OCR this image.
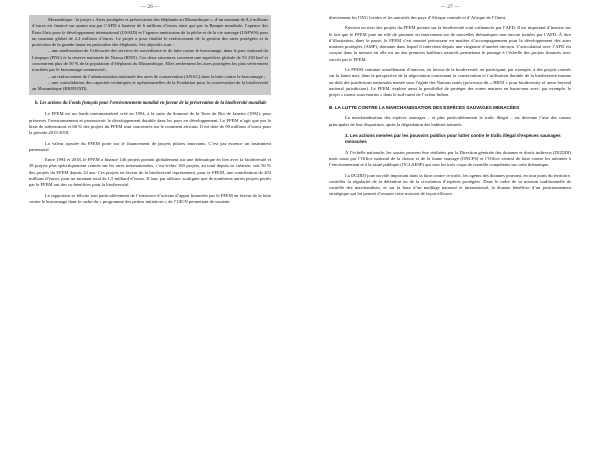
— 26 —

Mozambique : le projet « Aires protégées et préservation des éléphants au Mozambique », d’un montant de 8,2 millions d’euros est financé sur quatre ans par l’AFD à hauteur de 6 millions d’euros ainsi que par la Banque mondiale, l’agence des États-Unis pour le développement international (USAID) et l’agence américaine de la pêche et de la vie sauvage (USFWS) pour un montant global de 2,2 millions d’euros. Le projet a pour finalité le renforcement de la gestion des aires protégées et la protection de la grande faune en particulier des éléphants. Ses objectifs sont :

– une amélioration de l’efficacité des services de surveillance et de lutte contre le braconnage, dans le parc national du Limpopo (PNL) et la réserve nationale de Niassa (RNN). Ces deux structures couvrent une superficie globale de 53 230 km² et concentrent plus de 50 % de la population d’éléphants du Mozambique. Elles renferment les aires protégées les plus sévèrement touchées par le braconnage commercial ;

– un renforcement de l’administration nationale des aires de conservation (ANAC) dans la lutte contre le braconnage ;

– une consolidation des capacités techniques et opérationnelles de la Fondation pour la conservation de la biodiversité au Mozambique (BIOFUND).

b. Les actions du Fonds français pour l’environnement mondial en faveur de la préservation de la biodiversité mondiale

Le FFEM est un fonds interministériel créé en 1994, à la suite du Sommet de la Terre de Rio de Janeiro (1992), pour préserver l’environnement et promouvoir le développement durable dans les pays en développement. Le FFEM n’agit que par le biais de subventions et 68 % des projets du FFEM sont concentrés sur le continent africain. Il est doté de 90 millions d’euros pour la période 2015-2018.

La valeur ajoutée du FFEM porte sur le financement de projets pilotes innovants. C’est par essence un instrument partenarial.

Entre 1994 et 2018, le FFEM a financé 146 projets portant globalement sur une thématique en lien avec la biodiversité et 38 projets plus spécifiquement centrés sur les aires internationales, c’est-à-dire 184 projets, au total depuis sa création, soit 56 % des projets du FFEM depuis 24 ans. Ces projets en faveur de la biodiversité représentent, pour le FFEM, une contribution de 203 millions d’euros, pour un montant total de 1,5 milliard d’euros. Il faut, par ailleurs, souligner que de nombreux autres projets portés par le FFEM ont des co-bénéfices pour la biodiversité.

Le rapporteur se félicite tout particulièrement de l’existence d’actions d’appui financées par le FFEM en faveur de la lutte contre le braconnage dans le cadre du « programme des petites initiatives » de l’UICN permettant de soutenir

— 27 —

directement les ONG locales et les autorités des pays d’Afrique centrale et d’Afrique de l’Ouest.

Environ un tiers des projets du FFEM portant sur la biodiversité sont cofinancés par l’AFD. Il est important d’insister sur le fait que le FFEM joue un rôle de pionnier en intervenant sur de nouvelles thématiques non encore traitées par l’AFD. À titre d’illustration, dans le passé, le FFEM s’est montré précurseur en matière d’accompagnement pour le développement des aires marines protégées (AMP), domaine dans lequel il intervient depuis une vingtaine d’années environ. L’articulation avec l’AFD est conçue dans la mesure où elle est un des premiers bailleurs naturels permettant le passage à l’échelle des projets financés avec succès par le FFEM.

Le FFEM continue actuellement d’innover, en faveur de la biodiversité, en participant, par exemple, à des projets centrés sur la haute mer, dans la perspective de la négociation concernant la conservation et l’utilisation durable de la biodiversité marine au-delà des juridictions nationales menée sous l’égide des Nations unies (processus dit « BBNJ » pour biodiversity of areas beyond national jurisdiction). Le FFEM, explore aussi la possibilité de protéger des zones marines en haute-mer avec, par exemple, le projet « monts sous-marins » dans le sud-ouest de l’océan Indien.

B. LA LUTTE CONTRE LA MARCHANDISATION DES ESPÈCES SAUVAGES MENACÉES

La marchandisation des espèces sauvages – et plus particulièrement le trafic illégal – est devenue l’une des causes principales de leur disparition, après la dégradation des habitats naturels.

1. Les actions menées par les pouvoirs publics pour lutter contre le trafic illégal d’espèces sauvages menacées

À l’échelle nationale, les saisies peuvent être réalisées par la Direction générale des douanes et droits indirects (DGDDI) mais aussi par l’Office national de la chasse et de la faune sauvage (ONCFS) et l’Office central de lutte contre les atteintes à l’environnement et à la santé publique (OCLAESP) qui sont les trois corps de contrôle compétents sur cette thématique.

La DGDDI joue un rôle important dans la lutte contre ce trafic, les agents des douanes pouvant, en tout point du territoire, contrôler la régularité de la détention ou de la circulation d’espèces protégées. Dans le cadre de sa mission traditionnelle de contrôle des marchandises, et sur la base d’un maillage national et international, la douane bénéficie d’un positionnement stratégique qui lui permet d’assurer cette mission de façon efficace.
